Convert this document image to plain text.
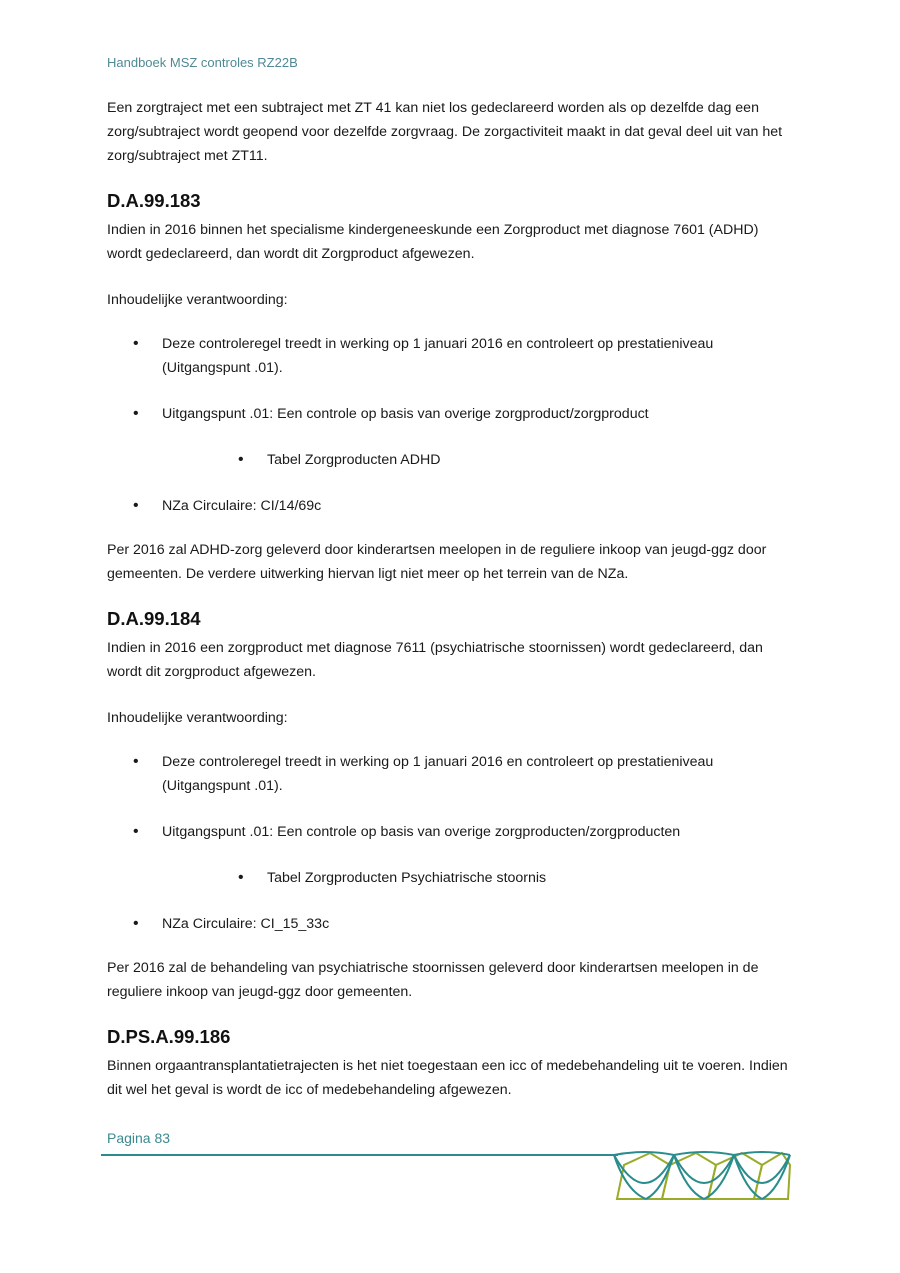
Handboek MSZ controles RZ22B

Een zorgtraject met een subtraject met ZT 41 kan niet los gedeclareerd worden als op dezelfde dag een zorg/subtraject wordt geopend voor dezelfde zorgvraag. De zorgactiviteit maakt in dat geval deel uit van het zorg/subtraject met ZT11.

D.A.99.183

Indien in 2016 binnen het specialisme kindergeneeskunde een Zorgproduct met diagnose 7601 (ADHD) wordt gedeclareerd, dan wordt dit Zorgproduct afgewezen.

Inhoudelijke verantwoording:

• Deze controleregel treedt in werking op 1 januari 2016 en controleert op prestatieniveau (Uitgangspunt .01).
• Uitgangspunt .01: Een controle op basis van overige zorgproduct/zorgproduct
• Tabel Zorgproducten ADHD
• NZa Circulaire: CI/14/69c

Per 2016 zal ADHD-zorg geleverd door kinderartsen meelopen in de reguliere inkoop van jeugd-ggz door gemeenten. De verdere uitwerking hiervan ligt niet meer op het terrein van de NZa.

D.A.99.184

Indien in 2016 een zorgproduct met diagnose 7611 (psychiatrische stoornissen) wordt gedeclareerd, dan wordt dit zorgproduct afgewezen.

Inhoudelijke verantwoording:

• Deze controleregel treedt in werking op 1 januari 2016 en controleert op prestatieniveau (Uitgangspunt .01).
• Uitgangspunt .01: Een controle op basis van overige zorgproducten/zorgproducten
• Tabel Zorgproducten Psychiatrische stoornis
• NZa Circulaire: CI_15_33c

Per 2016 zal de behandeling van psychiatrische stoornissen geleverd door kinderartsen meelopen in de reguliere inkoop van jeugd-ggz door gemeenten.

D.PS.A.99.186

Binnen orgaantransplantatietrajecten is het niet toegestaan een icc of medebehandeling uit te voeren. Indien dit wel het geval is wordt de icc of medebehandeling afgewezen.

Pagina 83
